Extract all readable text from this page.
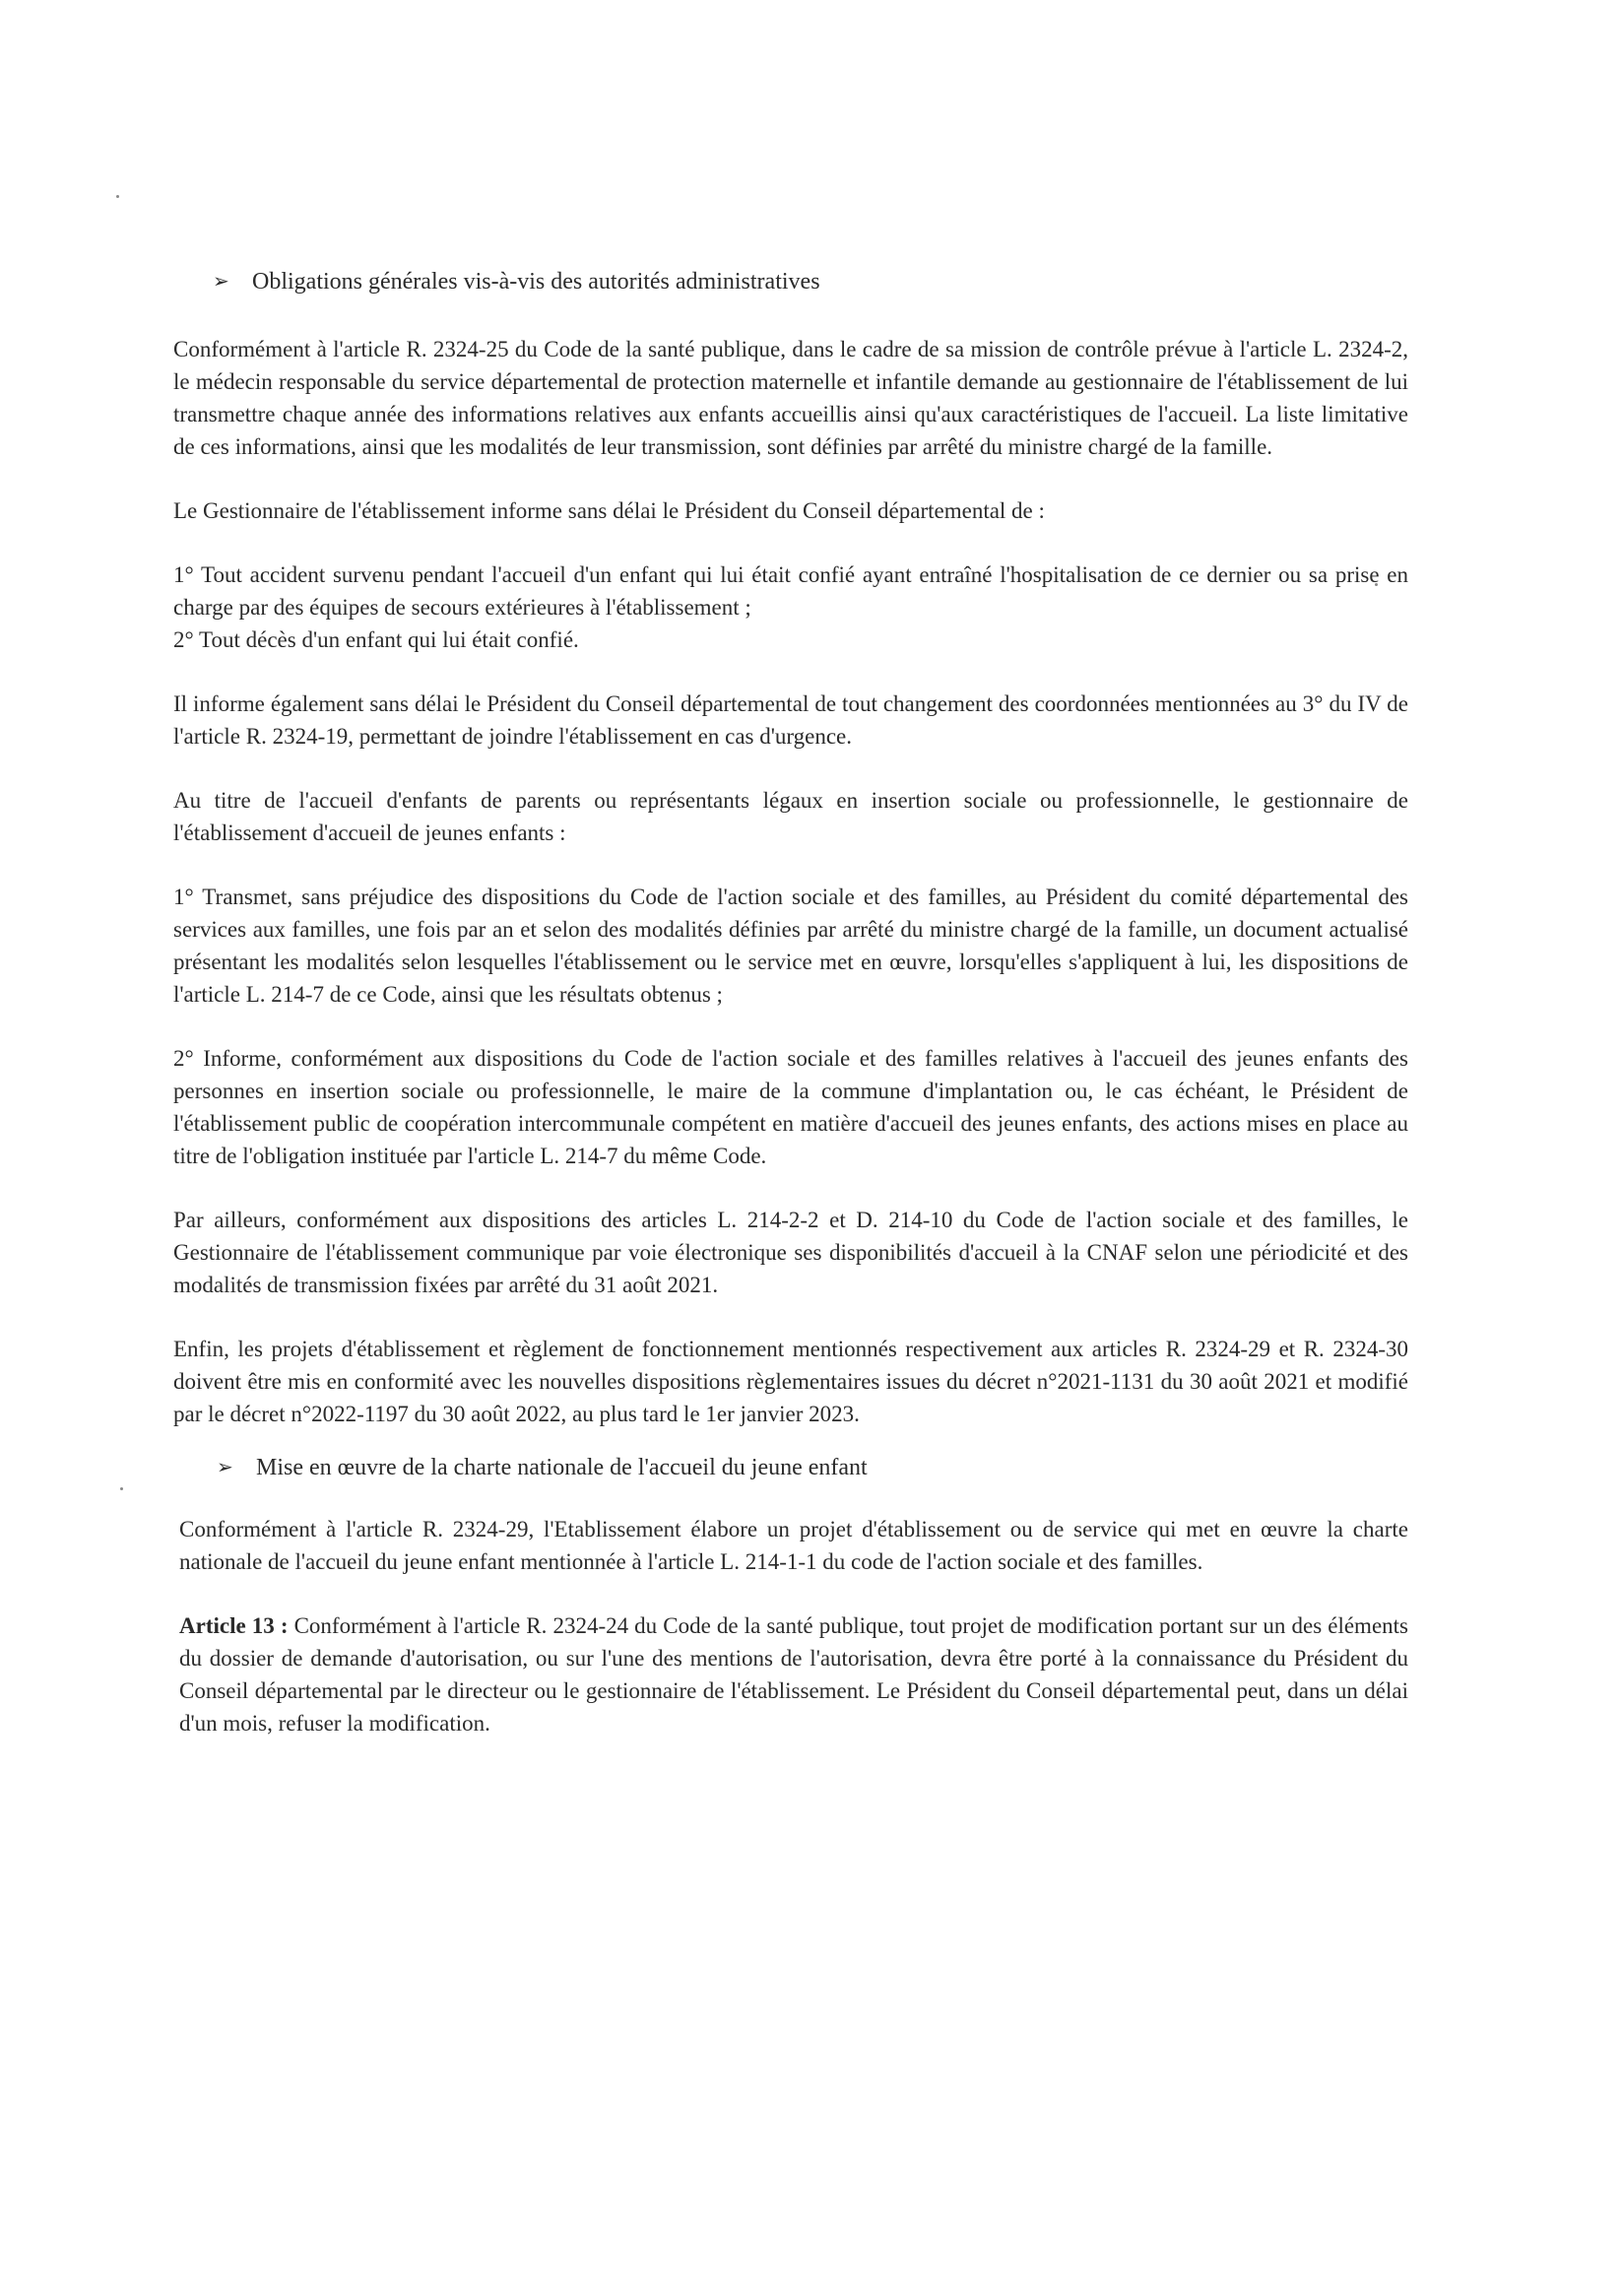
➢ Obligations générales vis-à-vis des autorités administratives

Conformément à l'article R. 2324-25 du Code de la santé publique, dans le cadre de sa mission de contrôle prévue à l'article L. 2324-2, le médecin responsable du service départemental de protection maternelle et infantile demande au gestionnaire de l'établissement de lui transmettre chaque année des informations relatives aux enfants accueillis ainsi qu'aux caractéristiques de l'accueil. La liste limitative de ces informations, ainsi que les modalités de leur transmission, sont définies par arrêté du ministre chargé de la famille.

Le Gestionnaire de l'établissement informe sans délai le Président du Conseil départemental de :

1° Tout accident survenu pendant l'accueil d'un enfant qui lui était confié ayant entraîné l'hospitalisation de ce dernier ou sa prise en charge par des équipes de secours extérieures à l'établissement ;

2° Tout décès d'un enfant qui lui était confié.

Il informe également sans délai le Président du Conseil départemental de tout changement des coordonnées mentionnées au 3° du IV de l'article R. 2324-19, permettant de joindre l'établissement en cas d'urgence.

Au titre de l'accueil d'enfants de parents ou représentants légaux en insertion sociale ou professionnelle, le gestionnaire de l'établissement d'accueil de jeunes enfants :

1° Transmet, sans préjudice des dispositions du Code de l'action sociale et des familles, au Président du comité départemental des services aux familles, une fois par an et selon des modalités définies par arrêté du ministre chargé de la famille, un document actualisé présentant les modalités selon lesquelles l'établissement ou le service met en œuvre, lorsqu'elles s'appliquent à lui, les dispositions de l'article L. 214-7 de ce Code, ainsi que les résultats obtenus ;

2° Informe, conformément aux dispositions du Code de l'action sociale et des familles relatives à l'accueil des jeunes enfants des personnes en insertion sociale ou professionnelle, le maire de la commune d'implantation ou, le cas échéant, le Président de l'établissement public de coopération intercommunale compétent en matière d'accueil des jeunes enfants, des actions mises en place au titre de l'obligation instituée par l'article L. 214-7 du même Code.

Par ailleurs, conformément aux dispositions des articles L. 214-2-2 et D. 214-10 du Code de l'action sociale et des familles, le Gestionnaire de l'établissement communique par voie électronique ses disponibilités d'accueil à la CNAF selon une périodicité et des modalités de transmission fixées par arrêté du 31 août 2021.

Enfin, les projets d'établissement et règlement de fonctionnement mentionnés respectivement aux articles R. 2324-29 et R. 2324-30 doivent être mis en conformité avec les nouvelles dispositions règlementaires issues du décret n°2021-1131 du 30 août 2021 et modifié par le décret n°2022-1197 du 30 août 2022, au plus tard le 1er janvier 2023.

➢ Mise en œuvre de la charte nationale de l'accueil du jeune enfant

Conformément à l'article R. 2324-29, l'Etablissement élabore un projet d'établissement ou de service qui met en œuvre la charte nationale de l'accueil du jeune enfant mentionnée à l'article L. 214-1-1 du code de l'action sociale et des familles.

Article 13 : Conformément à l'article R. 2324-24 du Code de la santé publique, tout projet de modification portant sur un des éléments du dossier de demande d'autorisation, ou sur l'une des mentions de l'autorisation, devra être porté à la connaissance du Président du Conseil départemental par le directeur ou le gestionnaire de l'établissement. Le Président du Conseil départemental peut, dans un délai d'un mois, refuser la modification.
